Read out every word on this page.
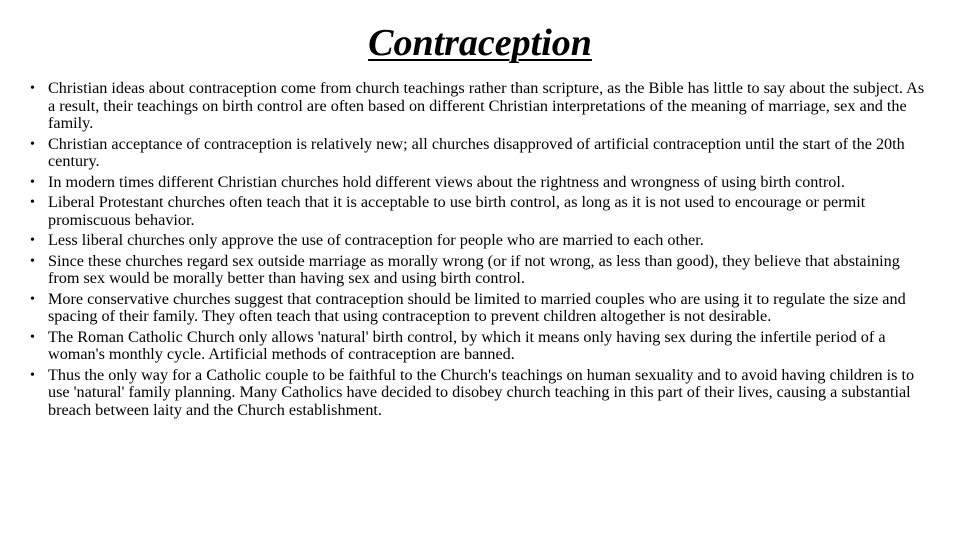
Contraception
• Christian ideas about contraception come from church teachings rather than scripture, as the Bible has little to say about the subject. As a result, their teachings on birth control are often based on different Christian interpretations of the meaning of marriage, sex and the family.
• Christian acceptance of contraception is relatively new; all churches disapproved of artificial contraception until the start of the 20th century.
• In modern times different Christian churches hold different views about the rightness and wrongness of using birth control.
• Liberal Protestant churches often teach that it is acceptable to use birth control, as long as it is not used to encourage or permit promiscuous behavior.
• Less liberal churches only approve the use of contraception for people who are married to each other.
• Since these churches regard sex outside marriage as morally wrong (or if not wrong, as less than good), they believe that abstaining from sex would be morally better than having sex and using birth control.
• More conservative churches suggest that contraception should be limited to married couples who are using it to regulate the size and spacing of their family. They often teach that using contraception to prevent children altogether is not desirable.
• The Roman Catholic Church only allows 'natural' birth control, by which it means only having sex during the infertile period of a woman's monthly cycle. Artificial methods of contraception are banned.
• Thus the only way for a Catholic couple to be faithful to the Church's teachings on human sexuality and to avoid having children is to use 'natural' family planning. Many Catholics have decided to disobey church teaching in this part of their lives, causing a substantial breach between laity and the Church establishment.
